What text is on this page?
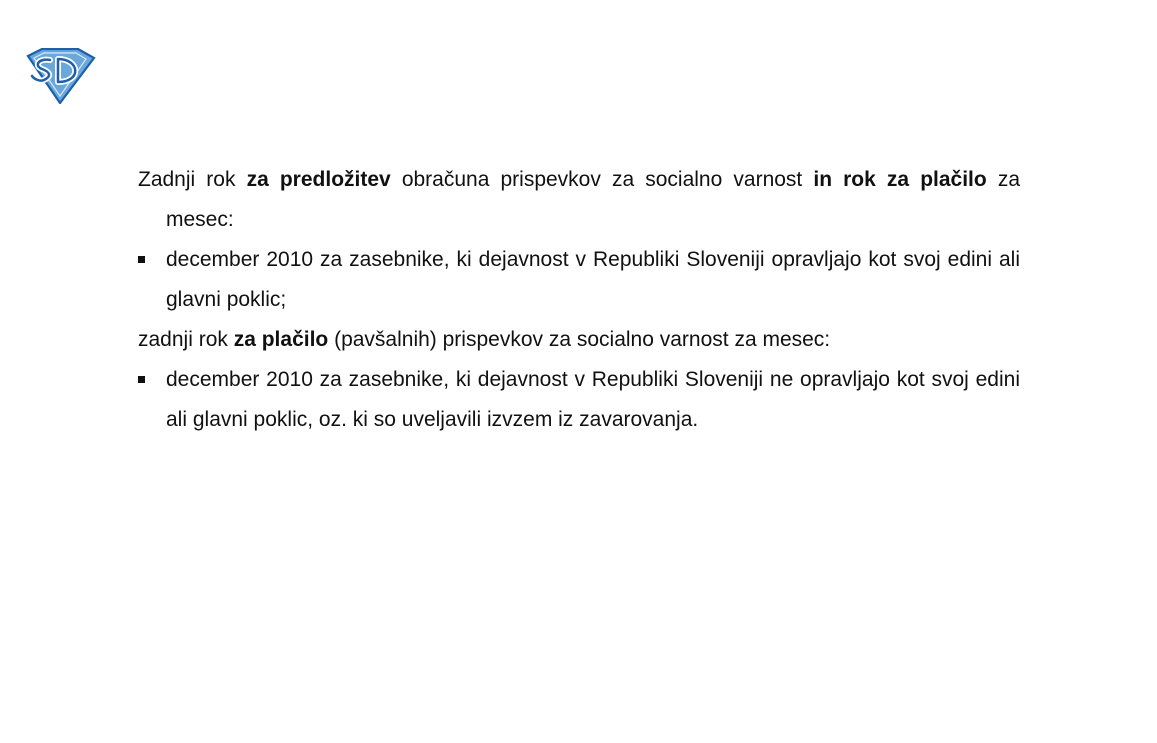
Zadnji rok za predložitev obračuna prispevkov za socialno varnost in rok za plačilo za mesec:

december 2010 za zasebnike, ki dejavnost v Republiki Sloveniji opravljajo kot svoj edini ali glavni poklic;

zadnji rok za plačilo (pavšalnih) prispevkov za socialno varnost za mesec:

december 2010 za zasebnike, ki dejavnost v Republiki Sloveniji ne opravljajo kot svoj edini ali glavni poklic, oz. ki so uveljavili izvzem iz zavarovanja.
